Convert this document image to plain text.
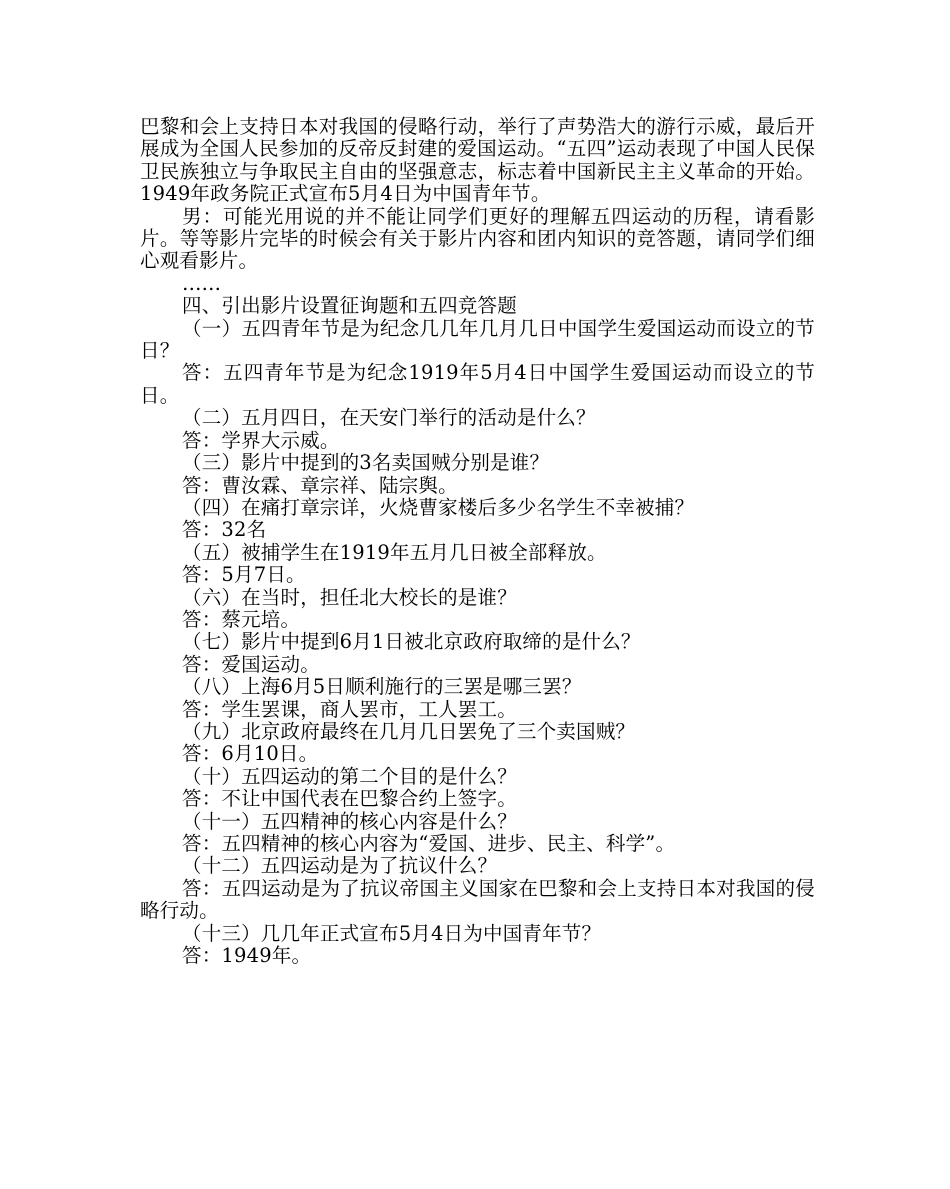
巴黎和会上支持日本对我国的侵略行动，举行了声势浩大的游行示威，最后开展成为全国人民参加的反帝反封建的爱国运动。“五四”运动表现了中国人民保卫民族独立与争取民主自由的坚强意志，标志着中国新民主主义革命的开始。1949年政务院正式宣布5月4日为中国青年节。

男：可能光用说的并不能让同学们更好的理解五四运动的历程，请看影片。等等影片完毕的时候会有关于影片内容和团内知识的竞答题，请同学们细心观看影片。

……

四、引出影片设置征询题和五四竞答题

（一）五四青年节是为纪念几几年几月几日中国学生爱国运动而设立的节日？

答：五四青年节是为纪念1919年5月4日中国学生爱国运动而设立的节日。

（二）五月四日，在天安门举行的活动是什么？

答：学界大示威。

（三）影片中提到的3名卖国贼分别是谁？

答：曹汝霖、章宗祥、陆宗舆。

（四）在痛打章宗详，火烧曹家楼后多少名学生不幸被捕？

答：32名

（五）被捕学生在1919年五月几日被全部释放。

答：5月7日。

（六）在当时，担任北大校长的是谁？

答：蔡元培。

（七）影片中提到6月1日被北京政府取缔的是什么？

答：爱国运动。

（八）上海6月5日顺利施行的三罢是哪三罢？

答：学生罢课，商人罢市，工人罢工。

（九）北京政府最终在几月几日罢免了三个卖国贼？

答：6月10日。

（十）五四运动的第二个目的是什么？

答：不让中国代表在巴黎合约上签字。

（十一）五四精神的核心内容是什么？

答：五四精神的核心内容为“爱国、进步、民主、科学”。

（十二）五四运动是为了抗议什么？

答：五四运动是为了抗议帝国主义国家在巴黎和会上支持日本对我国的侵略行动。

（十三）几几年正式宣布5月4日为中国青年节？

答：1949年。
